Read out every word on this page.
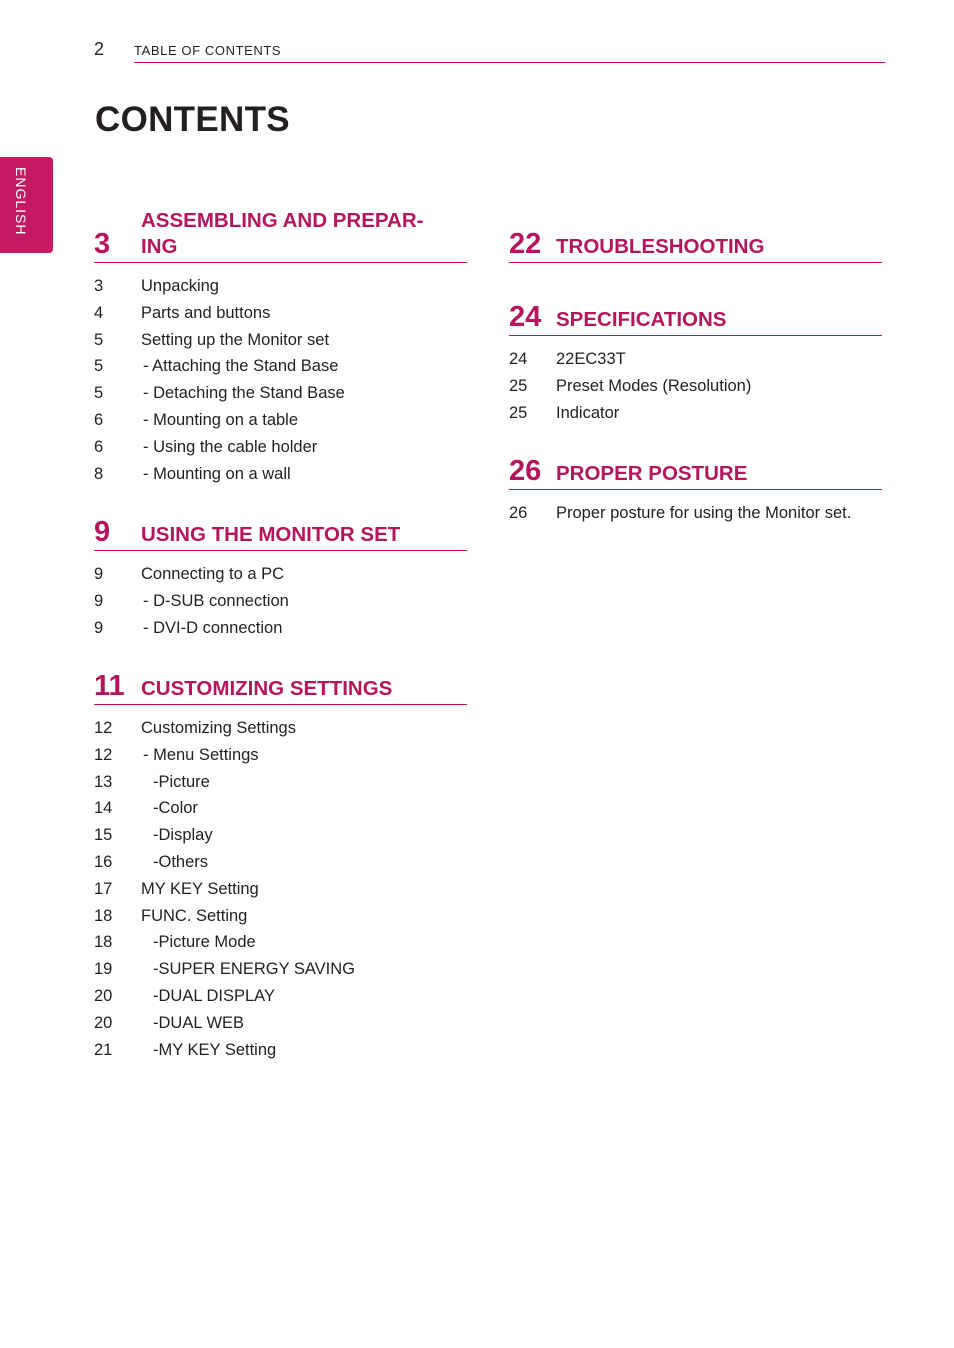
2 TABLE OF CONTENTS
CONTENTS
ENGLISH
3
ASSEMBLING AND PREPAR-
ING
3 Unpacking
4 Parts and buttons
5 Setting up the Monitor set
5 - Attaching the Stand Base
5 - Detaching the Stand Base
6 - Mounting on a table
6 - Using the cable holder
8 - Mounting on a wall
9 USING THE MONITOR SET
9 Connecting to a PC
9 - D-SUB connection
9 - DVI-D connection
11 CUSTOMIZING SETTINGS
12 Customizing Settings
12 - Menu Settings
13 -Picture
14 -Color
15 -Display
16 -Others
17 MY KEY Setting
18 FUNC. Setting
18 -Picture Mode
19 -SUPER ENERGY SAVING
20 -DUAL DISPLAY
20 -DUAL WEB
21 -MY KEY Setting
22 TROUBLESHOOTING
24 SPECIFICATIONS
24 22EC33T
25 Preset Modes (Resolution)
25 Indicator
26 PROPER POSTURE
26 Proper posture for using the Monitor set.
